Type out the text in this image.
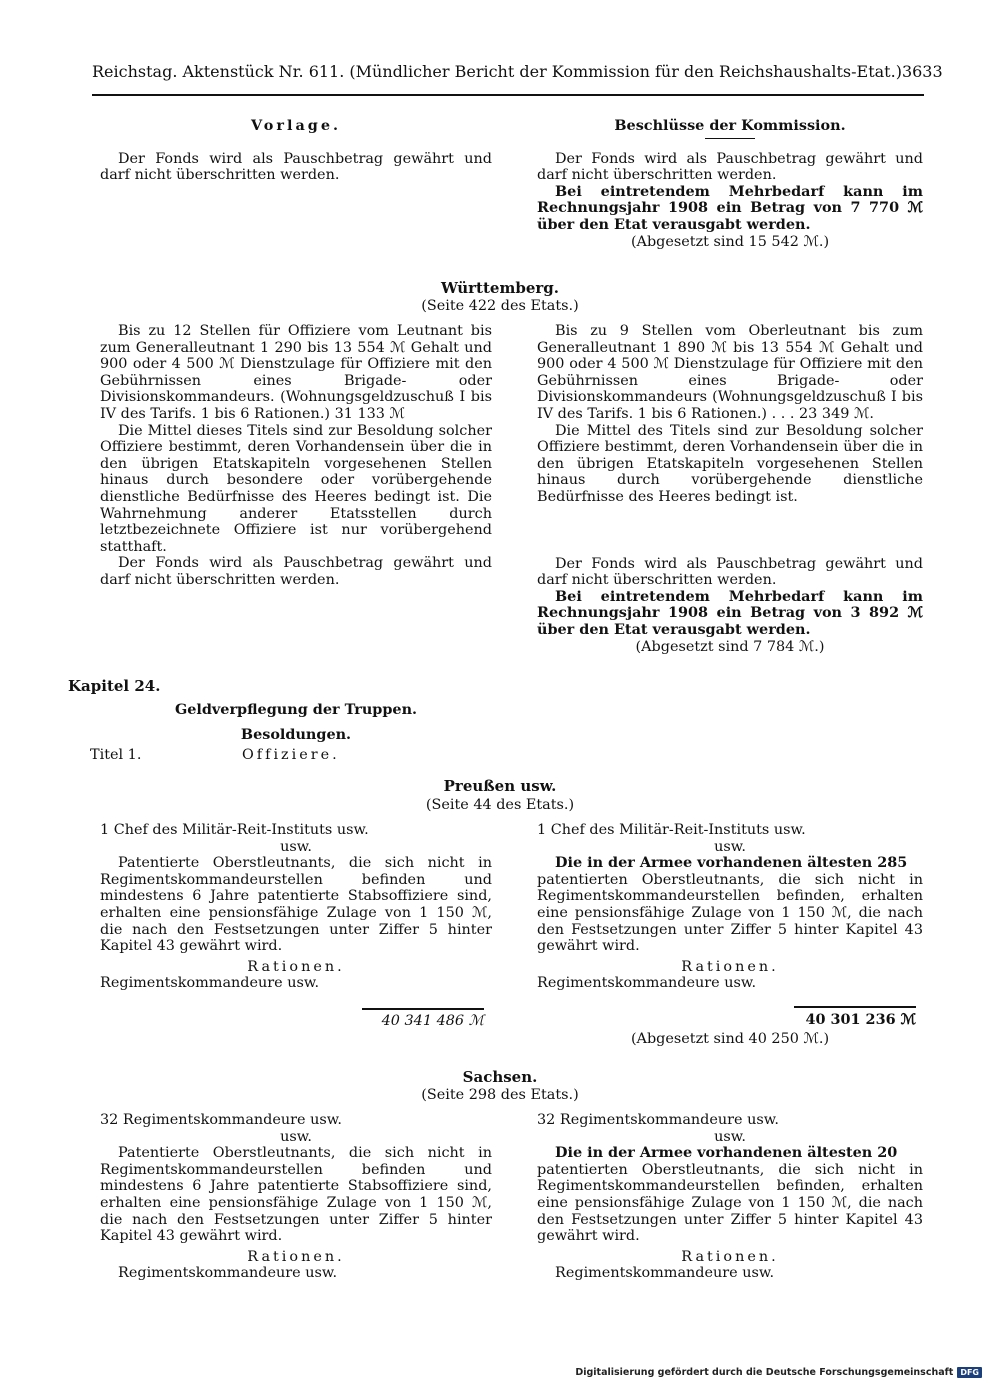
Reichstag. Aktenstück Nr. 611. (Mündlicher Bericht der Kommission für den Reichshaushalts-Etat.) 3633

Vorlage.

Der Fonds wird als Pauschbetrag gewährt und darf nicht überschritten werden.

Beschlüsse der Kommission.

Der Fonds wird als Pauschbetrag gewährt und darf nicht überschritten werden.

Bei eintretendem Mehrbedarf kann im Rechnungsjahr 1908 ein Betrag von 7 770 ℳ über den Etat verausgabt werden.

(Abgesetzt sind 15 542 ℳ.)

Württemberg.
(Seite 422 des Etats.)

Bis zu 12 Stellen für Offiziere vom Leutnant bis zum Generalleutnant 1 290 bis 13 554 ℳ Gehalt und 900 oder 4 500 ℳ Dienstzulage für Offiziere mit den Gebührnissen eines Brigade- oder Divisionskommandeurs. (Wohnungsgeldzuschuß I bis IV des Tarifs. 1 bis 6 Rationen.) 31 133 ℳ

Die Mittel dieses Titels sind zur Besoldung solcher Offiziere bestimmt, deren Vorhandensein über die in den übrigen Etatskapiteln vorgesehenen Stellen hinaus durch besondere oder vorübergehende dienstliche Bedürfnisse des Heeres bedingt ist. Die Wahrnehmung anderer Etatsstellen durch letztbezeichnete Offiziere ist nur vorübergehend statthaft.

Der Fonds wird als Pauschbetrag gewährt und darf nicht überschritten werden.

Bis zu 9 Stellen vom Oberleutnant bis zum Generalleutnant 1 890 ℳ bis 13 554 ℳ Gehalt und 900 oder 4 500 ℳ Dienstzulage für Offiziere mit den Gebührnissen eines Brigade- oder Divisionskommandeurs (Wohnungsgeldzuschuß I bis IV des Tarifs. 1 bis 6 Rationen.) . . . 23 349 ℳ.

Die Mittel des Titels sind zur Besoldung solcher Offiziere bestimmt, deren Vorhandensein über die in den übrigen Etatskapiteln vorgesehenen Stellen hinaus durch vorübergehende dienstliche Bedürfnisse des Heeres bedingt ist.

Der Fonds wird als Pauschbetrag gewährt und darf nicht überschritten werden.

Bei eintretendem Mehrbedarf kann im Rechnungsjahr 1908 ein Betrag von 3 892 ℳ über den Etat verausgabt werden.

(Abgesetzt sind 7 784 ℳ.)

Kapitel 24.

Geldverpflegung der Truppen.

Besoldungen.

Titel 1.	Offiziere.
Preußen usw.
(Seite 44 des Etats.)

1 Chef des Militär-Reit-Instituts usw.

usw.

Patentierte Oberstleutnants, die sich nicht in Regimentskommandeurstellen befinden und mindestens 6 Jahre patentierte Stabsoffiziere sind, erhalten eine pensionsfähige Zulage von 1 150 ℳ, die nach den Festsetzungen unter Ziffer 5 hinter Kapitel 43 gewährt wird.

Rationen.

Regimentskommandeure usw.

40 341 486 ℳ

1 Chef des Militär-Reit-Instituts usw.

usw.

Die in der Armee vorhandenen ältesten 285

patentierten Oberstleutnants, die sich nicht in Regimentskommandeurstellen befinden, erhalten eine pensionsfähige Zulage von 1 150 ℳ, die nach den Festsetzungen unter Ziffer 5 hinter Kapitel 43 gewährt wird.

Rationen.

Regimentskommandeure usw.

40 301 236 ℳ
(Abgesetzt sind 40 250 ℳ.)
Sachsen.
(Seite 298 des Etats.)

32 Regimentskommandeure usw.

usw.

Patentierte Oberstleutnants, die sich nicht in Regimentskommandeurstellen befinden und mindestens 6 Jahre patentierte Stabsoffiziere sind, erhalten eine pensionsfähige Zulage von 1 150 ℳ, die nach den Festsetzungen unter Ziffer 5 hinter Kapitel 43 gewährt wird.

Rationen.

Regimentskommandeure usw.

32 Regimentskommandeure usw.

usw.

Die in der Armee vorhandenen ältesten 20

patentierten Oberstleutnants, die sich nicht in Regimentskommandeurstellen befinden, erhalten eine pensionsfähige Zulage von 1 150 ℳ, die nach den Festsetzungen unter Ziffer 5 hinter Kapitel 43 gewährt wird.

Rationen.

Regimentskommandeure usw.

Digitalisierung gefördert durch die Deutsche Forschungsgemeinschaft DFG
